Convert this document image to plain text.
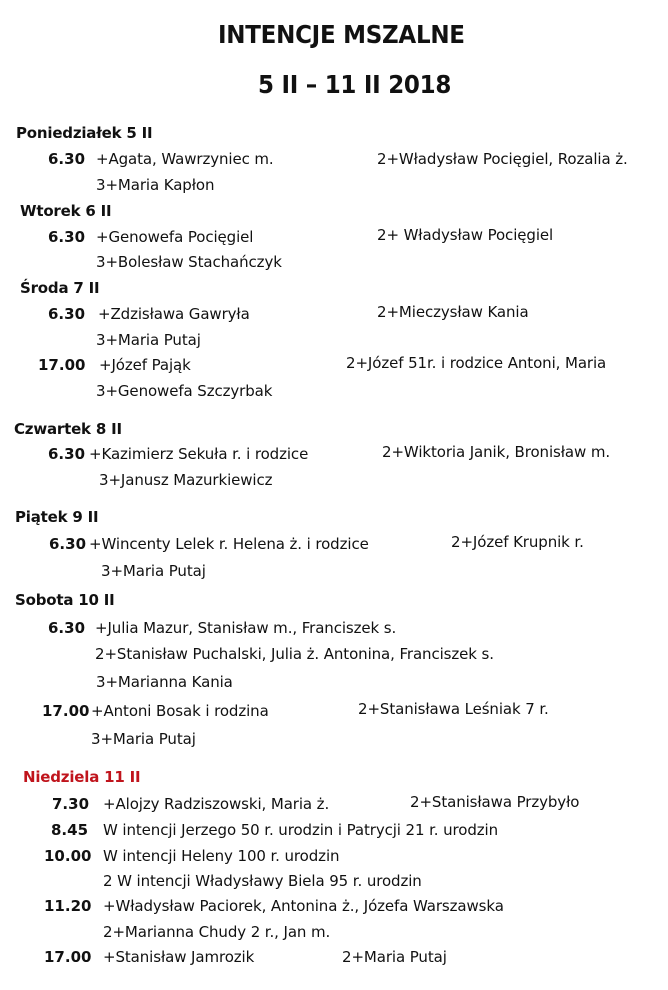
INTENCJE MSZALNE
5 II – 11 II 2018
Poniedziałek 5 II
6.30 +Agata, Wawrzyniec m.	2+Władysław Pocięgiel, Rozalia ż.
3+Maria Kapłon
Wtorek 6 II
6.30 +Genowefa Pocięgiel	2+ Władysław Pocięgiel
3+Bolesław Stachańczyk
Środa 7 II
6.30 +Zdzisława Gawryła	2+Mieczysław Kania
3+Maria Putaj
17.00 +Józef Pająk	2+Józef 51r. i rodzice Antoni, Maria
3+Genowefa Szczyrbak
Czwartek 8 II
6.30 +Kazimierz Sekuła r. i rodzice	2+Wiktoria Janik, Bronisław m.
3+Janusz Mazurkiewicz
Piątek 9 II
6.30 +Wincenty Lelek r. Helena ż. i rodzice	2+Józef Krupnik r.
3+Maria Putaj
Sobota 10 II
6.30 +Julia Mazur, Stanisław m., Franciszek s.
2+Stanisław Puchalski, Julia ż. Antonina, Franciszek s.
3+Marianna Kania
17.00 +Antoni Bosak i rodzina	2+Stanisława Leśniak 7 r.
3+Maria Putaj
Niedziela 11 II
7.30 +Alojzy Radziszowski, Maria ż.	2+Stanisława Przybyło
8.45 W intencji Jerzego 50 r. urodzin i Patrycji 21 r. urodzin
10.00 W intencji Heleny 100 r. urodzin
2 W intencji Władysławy Biela 95 r. urodzin
11.20 +Władysław Paciorek, Antonina ż., Józefa Warszawska
2+Marianna Chudy 2 r., Jan m.
17.00 +Stanisław Jamrozik	2+Maria Putaj
